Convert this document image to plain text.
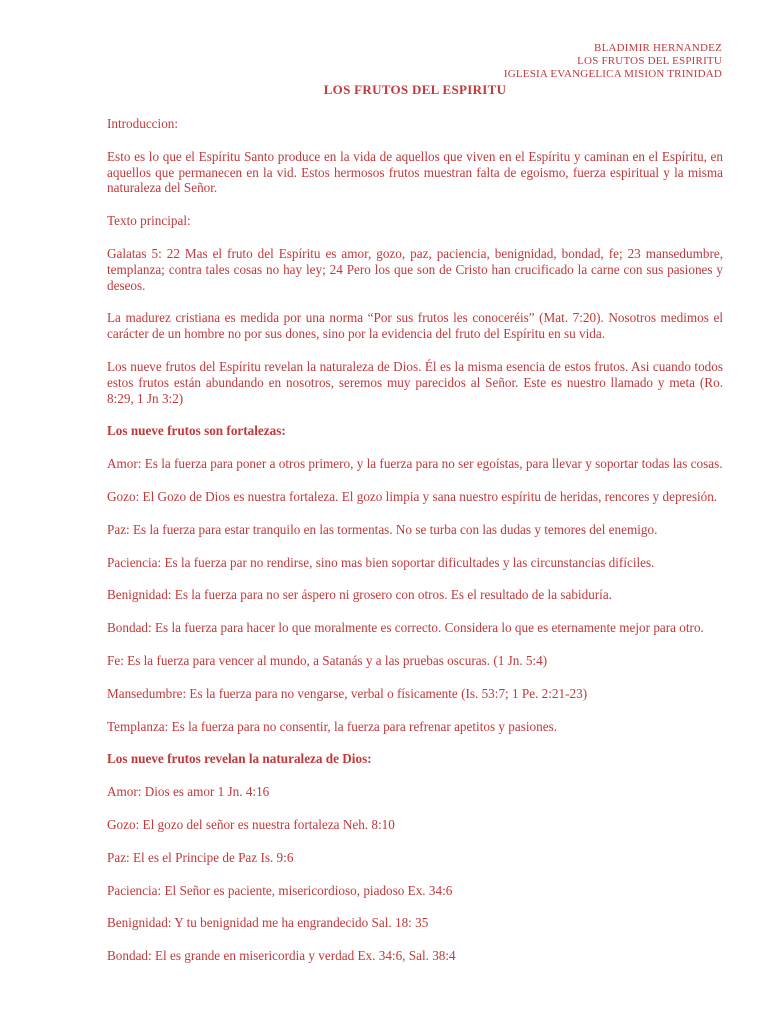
BLADIMIR HERNANDEZ
LOS FRUTOS DEL ESPIRITU
IGLESIA EVANGELICA MISION TRINIDAD
LOS FRUTOS DEL ESPIRITU

Introduccion:

Esto es lo que el Espíritu Santo produce en la vida de aquellos que viven en el Espíritu y caminan en el Espíritu, en aquellos que permanecen en la vid. Estos hermosos frutos muestran falta de egoismo, fuerza espiritual y la misma naturaleza del Señor.

Texto principal:

Galatas 5: 22 Mas el fruto del Espíritu es amor, gozo, paz, paciencia, benignidad, bondad, fe; 23 mansedumbre, templanza; contra tales cosas no hay ley; 24 Pero los que son de Cristo han crucificado la carne con sus pasiones y deseos.

La madurez cristiana es medida por una norma “Por sus frutos les conoceréis” (Mat. 7:20). Nosotros medimos el carácter de un hombre no por sus dones, sino por la evidencia del fruto del Espíritu en su vida.

Los nueve frutos del Espíritu revelan la naturaleza de Dios. Él es la misma esencia de estos frutos. Asi cuando todos estos frutos están abundando en nosotros, seremos muy parecidos al Señor. Este es nuestro llamado y meta (Ro. 8:29, 1 Jn 3:2)

Los nueve frutos son fortalezas:

Amor: Es la fuerza para poner a otros primero, y la fuerza para no ser egoístas, para llevar y soportar todas las cosas.

Gozo: El Gozo de Dios es nuestra fortaleza. El gozo limpia y sana nuestro espíritu de heridas, rencores y depresión.

Paz: Es la fuerza para estar tranquilo en las tormentas. No se turba con las dudas y temores del enemigo.

Paciencia: Es la fuerza par no rendirse, sino mas bien soportar dificultades y las circunstancias difíciles.

Benignidad: Es la fuerza para no ser áspero ni grosero con otros. Es el resultado de la sabiduría.

Bondad: Es la fuerza para hacer lo que moralmente es correcto. Considera lo que es eternamente mejor para otro.

Fe: Es la fuerza para vencer al mundo, a Satanás y a las pruebas oscuras. (1 Jn. 5:4)

Mansedumbre: Es la fuerza para no vengarse, verbal o físicamente (Is. 53:7; 1 Pe. 2:21-23)

Templanza: Es la fuerza para no consentir, la fuerza para refrenar apetitos y pasiones.

Los nueve frutos revelan la naturaleza de Dios:

Amor: Dios es amor 1 Jn. 4:16

Gozo: El gozo del señor es nuestra fortaleza Neh. 8:10

Paz: El es el Principe de Paz Is. 9:6

Paciencia: El Señor es paciente, misericordioso, piadoso Ex. 34:6

Benignidad: Y tu benignidad me ha engrandecido Sal. 18: 35

Bondad: El es grande en misericordia y verdad Ex. 34:6, Sal. 38:4
